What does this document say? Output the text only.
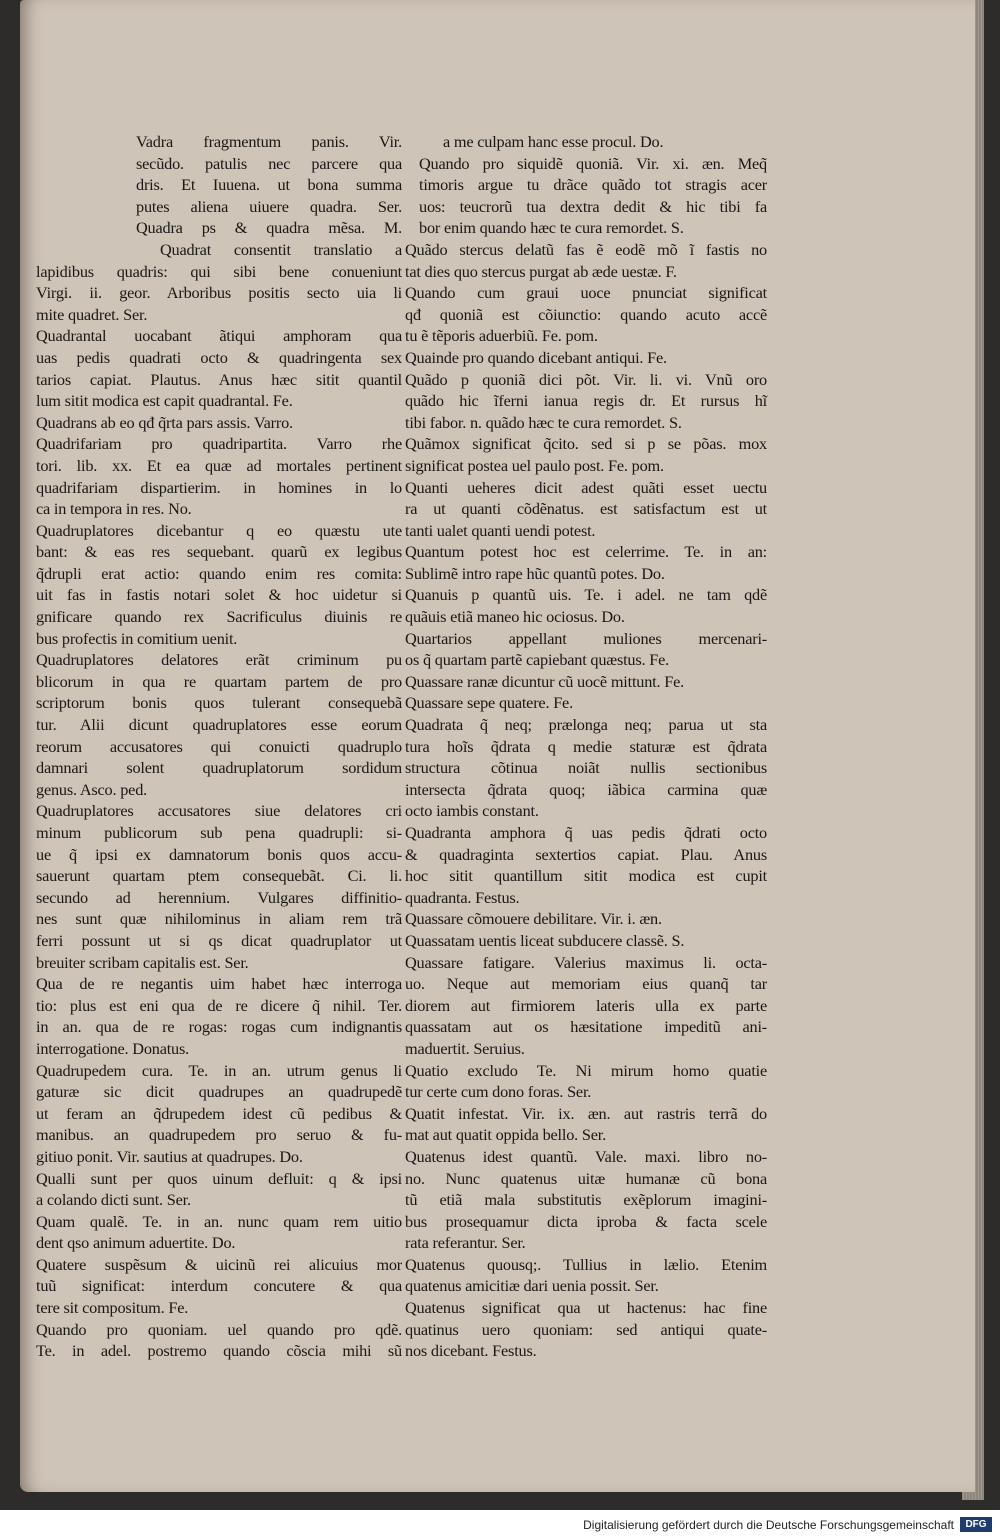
Vadra fragmentum panis. Vir.
secũdo. patulis nec parcere qua
dris. Et Iuuena. ut bona summa
putes aliena uiuere quadra. Ser.
Quadra ps & quadra mẽsa. M.
Quadrat consentit translatio a
lapidibus quadris: qui sibi bene conueniunt
Virgi. ii. geor. Arboribus positis secto uia li
mite quadret. Ser.
Quadrantal uocabant ãtiqui amphoram qua
uas pedis quadrati octo & quadringenta sex
tarios capiat. Plautus. Anus hæc sitit quantil
lum sitit modica est capit quadrantal. Fe.
Quadrans ab eo qđ q̃rta pars assis. Varro.
Quadrifariam pro quadripartita. Varro rhe
tori. lib. xx. Et ea quæ ad mortales pertinent
quadrifariam dispartierim. in homines in lo
ca in tempora in res. No.
Quadruplatores dicebantur q eo quæstu ute
bant: & eas res sequebant. quarũ ex legibus
q̃drupli erat actio: quando enim res comita:
uit fas in fastis notari solet & hoc uidetur si
gnificare quando rex Sacrificulus diuinis re
bus profectis in comitium uenit.
Quadruplatores delatores erãt criminum pu
blicorum in qua re quartam partem de pro
scriptorum bonis quos tulerant consequebã
tur. Alii dicunt quadruplatores esse eorum
reorum accusatores qui conuicti quadruplo
damnari solent quadruplatorum sordidum
genus. Asco. ped.
Quadruplatores accusatores siue delatores cri
minum publicorum sub pena quadrupli: si-
ue q̃ ipsi ex damnatorum bonis quos accu-
sauerunt quartam ptem consequebãt. Ci. li.
secundo ad herennium. Vulgares diffinitio-
nes sunt quæ nihilominus in aliam rem trã
ferri possunt ut si qs dicat quadruplator ut
breuiter scribam capitalis est. Ser.
Qua de re negantis uim habet hæc interroga
tio: plus est eni qua de re dicere q̃ nihil. Ter.
in an. qua de re rogas: rogas cum indignantis
interrogatione. Donatus.
Quadrupedem cura. Te. in an. utrum genus li
gaturæ sic dicit quadrupes an quadrupedẽ
ut feram an q̃drupedem idest cũ pedibus &
manibus. an quadrupedem pro seruo & fu-
gitiuo ponit. Vir. sautius at quadrupes. Do.
Qualli sunt per quos uinum defluit: q & ipsi
a colando dicti sunt. Ser.
Quam qualẽ. Te. in an. nunc quam rem uitio
dent qso animum aduertite. Do.
Quatere suspẽsum & uicinũ rei alicuius mor
tuũ significat: interdum concutere & qua
tere sit compositum. Fe.
Quando pro quoniam. uel quando pro qdẽ.
Te. in adel. postremo quando cõscia mihi sũ
a me culpam hanc esse procul. Do.
Quando pro siquidẽ quoniã. Vir. xi. æn. Meq̃
timoris argue tu drãce quãdo tot stragis acer
uos: teucrorũ tua dextra dedit & hic tibi fa
bor enim quando hæc te cura remordet. S.
Quãdo stercus delatũ fas ẽ eodẽ mõ ĩ fastis no
tat dies quo stercus purgat ab æde uestæ. F.
Quando cum graui uoce pnunciat significat
qđ quoniã est cõiunctio: quando acuto accẽ
tu ẽ tẽporis aduerbiũ. Fe. pom.
Quainde pro quando dicebant antiqui. Fe.
Quãdo p quoniã dici põt. Vir. li. vi. Vnũ oro
quãdo hic ĩferni ianua regis dr. Et rursus hĩ
tibi fabor. n. quãdo hæc te cura remordet. S.
Quãmox significat q̃cito. sed si p se põas. mox
significat postea uel paulo post. Fe. pom.
Quanti ueheres dicit adest quãti esset uectu
ra ut quanti cõdẽnatus. est satisfactum est ut
tanti ualet quanti uendi potest.
Quantum potest hoc est celerrime. Te. in an:
Sublimẽ intro rape hũc quantũ potes. Do.
Quanuis p quantũ uis. Te. i adel. ne tam qdẽ
quãuis etiã maneo hic ociosus. Do.
Quartarios appellant muliones mercenari-
os q̃ quartam partẽ capiebant quæstus. Fe.
Quassare ranæ dicuntur cũ uocẽ mittunt. Fe.
Quassare sepe quatere. Fe.
Quadrata q̃ neq; prælonga neq; parua ut sta
tura hoĩs q̃drata q medie staturæ est q̃drata
structura cõtinua noiãt nullis sectionibus
intersecta q̃drata quoq; iãbica carmina quæ
octo iambis constant.
Quadranta amphora q̃ uas pedis q̃drati octo
& quadraginta sextertios capiat. Plau. Anus
hoc sitit quantillum sitit modica est cupit
quadranta. Festus.
Quassare cõmouere debilitare. Vir. i. æn.
Quassatam uentis liceat subducere classẽ. S.
Quassare fatigare. Valerius maximus li. octa-
uo. Neque aut memoriam eius quanq̃ tar
diorem aut firmiorem lateris ulla ex parte
quassatam aut os hæsitatione impeditũ ani-
maduertit. Seruius.
Quatio excludo Te. Ni mirum homo quatie
tur certe cum dono foras. Ser.
Quatit infestat. Vir. ix. æn. aut rastris terrã do
mat aut quatit oppida bello. Ser.
Quatenus idest quantũ. Vale. maxi. libro no-
no. Nunc quatenus uitæ humanæ cũ bona
tũ etiã mala substitutis exẽplorum imagini-
bus prosequamur dicta iproba & facta scele
rata referantur. Ser.
Quatenus quousq;. Tullius in lælio. Etenim
quatenus amicitiæ dari uenia possit. Ser.
Quatenus significat qua ut hactenus: hac fine
quatinus uero quoniam: sed antiqui quate-
nos dicebant. Festus.
Digitalisierung gefördert durch die Deutsche Forschungsgemeinschaft	DFG
